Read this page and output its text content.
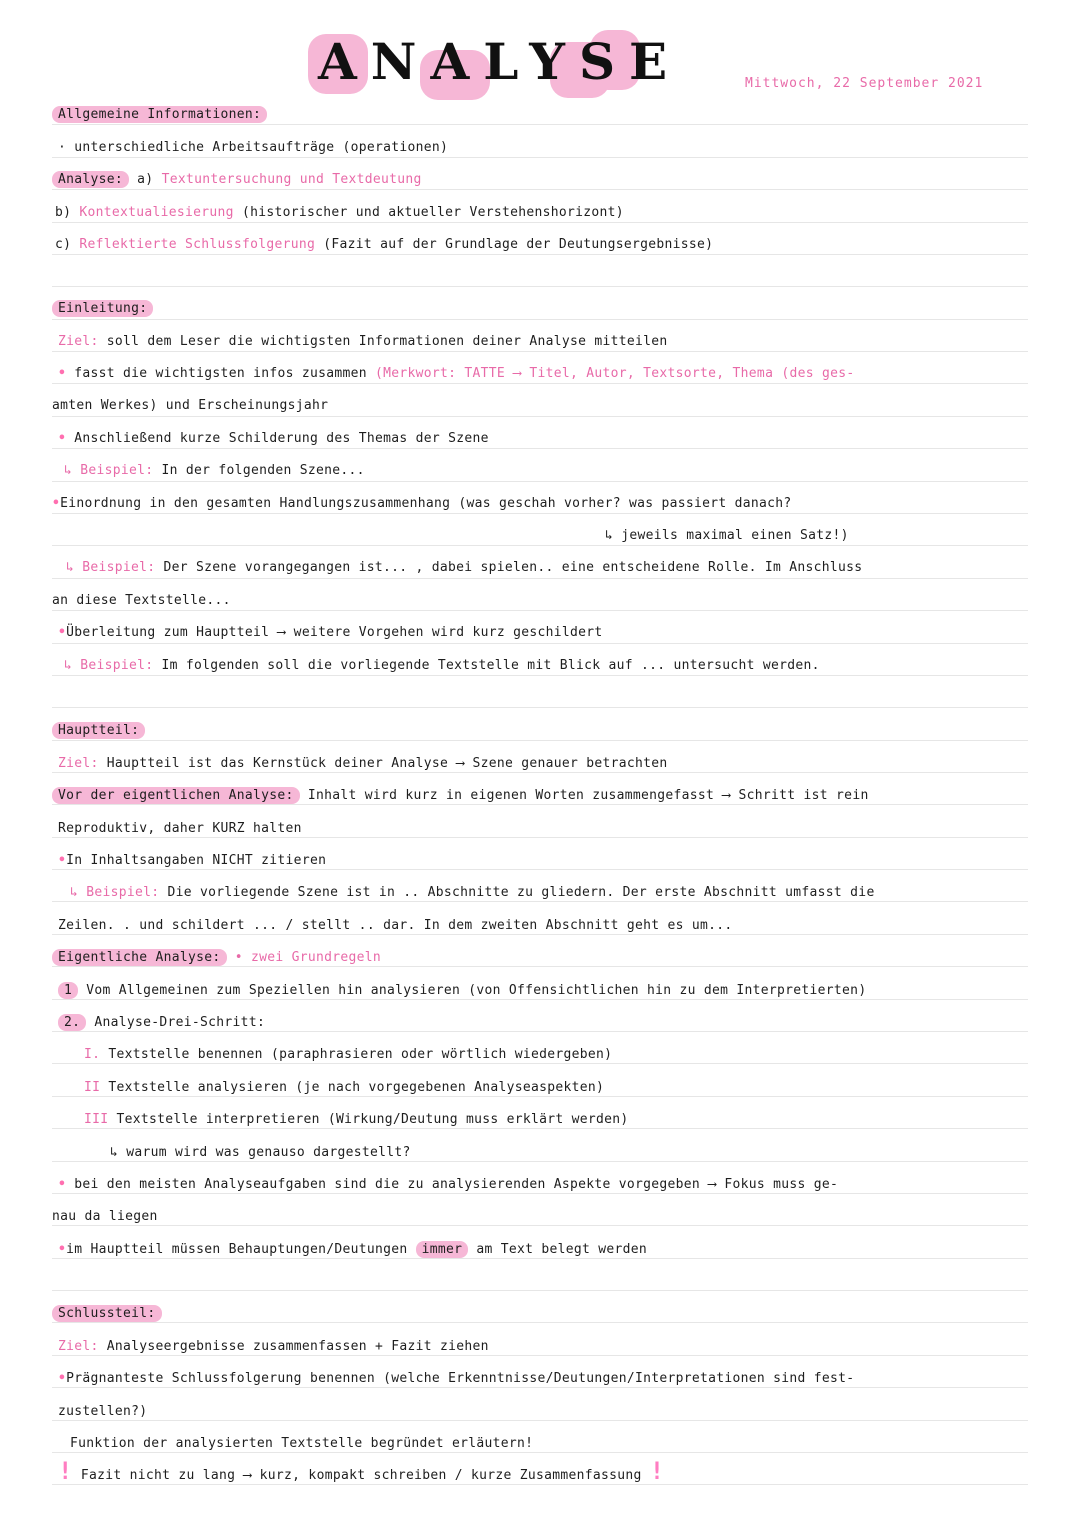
ANALYSE	Mittwoch, 22 September 2021
Allgemeine Informationen:
· unterschiedliche Arbeitsaufträge (operationen)
Analyse: a) Textuntersuchung und Textdeutung
b) Kontextualiesierung (historischer und aktueller Verstehenshorizont)
c) Reflektierte Schlussfolgerung (Fazit auf der Grundlage der Deutungsergebnisse)
Einleitung:
Ziel: soll dem Leser die wichtigsten Informationen deiner Analyse mitteilen
• fasst die wichtigsten infos zusammen (Merkwort: TATTE ⟶ Titel, Autor, Textsorte, Thema (des ges-
amten Werkes) und Erscheinungsjahr
• Anschließend kurze Schilderung des Themas der Szene
↳ Beispiel: In der folgenden Szene...
•Einordnung in den gesamten Handlungszusammenhang (was geschah vorher? was passiert danach?
↳ jeweils maximal einen Satz!)
↳ Beispiel: Der Szene vorangegangen ist... , dabei spielen.. eine entscheidene Rolle. Im Anschluss
an diese Textstelle...
•Überleitung zum Hauptteil ⟶ weitere Vorgehen wird kurz geschildert
↳ Beispiel: Im folgenden soll die vorliegende Textstelle mit Blick auf ... untersucht werden.
Hauptteil:
Ziel: Hauptteil ist das Kernstück deiner Analyse ⟶ Szene genauer betrachten
Vor der eigentlichen Analyse: Inhalt wird kurz in eigenen Worten zusammengefasst ⟶ Schritt ist rein
Reproduktiv, daher KURZ halten
•In Inhaltsangaben NICHT zitieren
↳ Beispiel: Die vorliegende Szene ist in .. Abschnitte zu gliedern. Der erste Abschnitt umfasst die
Zeilen. . und schildert ... / stellt .. dar. In dem zweiten Abschnitt geht es um...
Eigentliche Analyse: • zwei Grundregeln
1 Vom Allgemeinen zum Speziellen hin analysieren (von Offensichtlichen hin zu dem Interpretierten)
2. Analyse-Drei-Schritt:
I. Textstelle benennen (paraphrasieren oder wörtlich wiedergeben)
II Textstelle analysieren (je nach vorgegebenen Analyseaspekten)
III Textstelle interpretieren (Wirkung/Deutung muss erklärt werden)
↳ warum wird was genauso dargestellt?
• bei den meisten Analyseaufgaben sind die zu analysierenden Aspekte vorgegeben ⟶ Fokus muss ge-
nau da liegen
•im Hauptteil müssen Behauptungen/Deutungen immer am Text belegt werden
Schlussteil:
Ziel: Analyseergebnisse zusammenfassen + Fazit ziehen
•Prägnanteste Schlussfolgerung benennen (welche Erkenntnisse/Deutungen/Interpretationen sind fest-
zustellen?)
Funktion der analysierten Textstelle begründet erläutern!
! Fazit nicht zu lang ⟶ kurz, kompakt schreiben / kurze Zusammenfassung !
